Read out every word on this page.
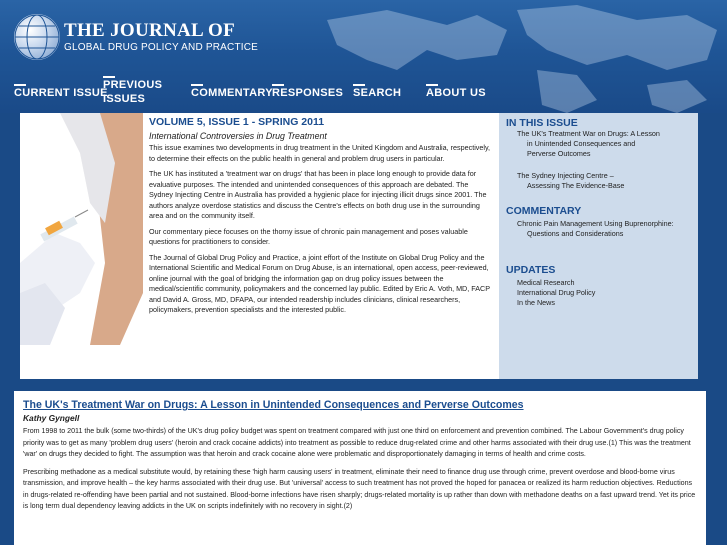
THE JOURNAL OF
GLOBAL DRUG POLICY AND PRACTICE
CURRENT ISSUE
PREVIOUS ISSUES	COMMENTARY RESPONSES SEARCH ABOUT US
VOLUME 5, ISSUE 1 - SPRING 2011
International Controversies in Drug Treatment

This issue examines two developments in drug treatment in the United Kingdom and Australia, respectively, to determine their effects on the public health in general and problem drug users in particular.

The UK has instituted a 'treatment war on drugs' that has been in place long enough to provide data for evaluative purposes. The intended and unintended consequences of this approach are debated. The Sydney Injecting Centre in Australia has provided a hygienic place for injecting illicit drugs since 2001. The authors analyze overdose statistics and discuss the Centre's effects on both drug use in the surrounding area and on the community itself.

Our commentary piece focuses on the thorny issue of chronic pain management and poses valuable questions for practitioners to consider.

The Journal of Global Drug Policy and Practice, a joint effort of the Institute on Global Drug Policy and the International Scientific and Medical Forum on Drug Abuse, is an international, open access, peer-reviewed, online journal with the goal of bridging the information gap on drug policy issues between the medical/scientific community, policymakers and the concerned lay public. Edited by Eric A. Voth, MD, FACP and David A. Gross, MD, DFAPA, our intended readership includes clinicians, clinical researchers, policymakers, prevention specialists and the interested public.

IN THIS ISSUE
The UK's Treatment War on Drugs: A Lesson
in Unintended Consequences and
Perverse Outcomes
The Sydney Injecting Centre –
Assessing The Evidence-Base
COMMENTARY
Chronic Pain Management Using Buprenorphine:
Questions and Considerations
UPDATES
Medical Research
International Drug Policy
In the News
The UK's Treatment War on Drugs: A Lesson in Unintended Consequences and Perverse Outcomes
Kathy Gyngell

From 1998 to 2011 the bulk (some two-thirds) of the UK's drug policy budget was spent on treatment compared with just one third on enforcement and prevention combined. The Labour Government's drug policy priority was to get as many 'problem drug users' (heroin and crack cocaine addicts) into treatment as possible to reduce drug-related crime and other harms associated with their drug use.(1) This was the treatment 'war' on drugs they decided to fight. The assumption was that heroin and crack cocaine alone were problematic and disproportionately damaging in terms of health and crime costs.

Prescribing methadone as a medical substitute would, by retaining these 'high harm causing users' in treatment, eliminate their need to finance drug use through crime, prevent overdose and blood-borne virus transmission, and improve health – the key harms associated with their drug use. But 'universal' access to such treatment has not proved the hoped for panacea or realized its harm reduction objectives. Reductions in drugs-related re-offending have been partial and not sustained. Blood-borne infections have risen sharply; drugs-related mortality is up rather than down with methadone deaths on a fast upward trend. Yet its price is long term dual dependency leaving addicts in the UK on scripts indefinitely with no recovery in sight.(2)
